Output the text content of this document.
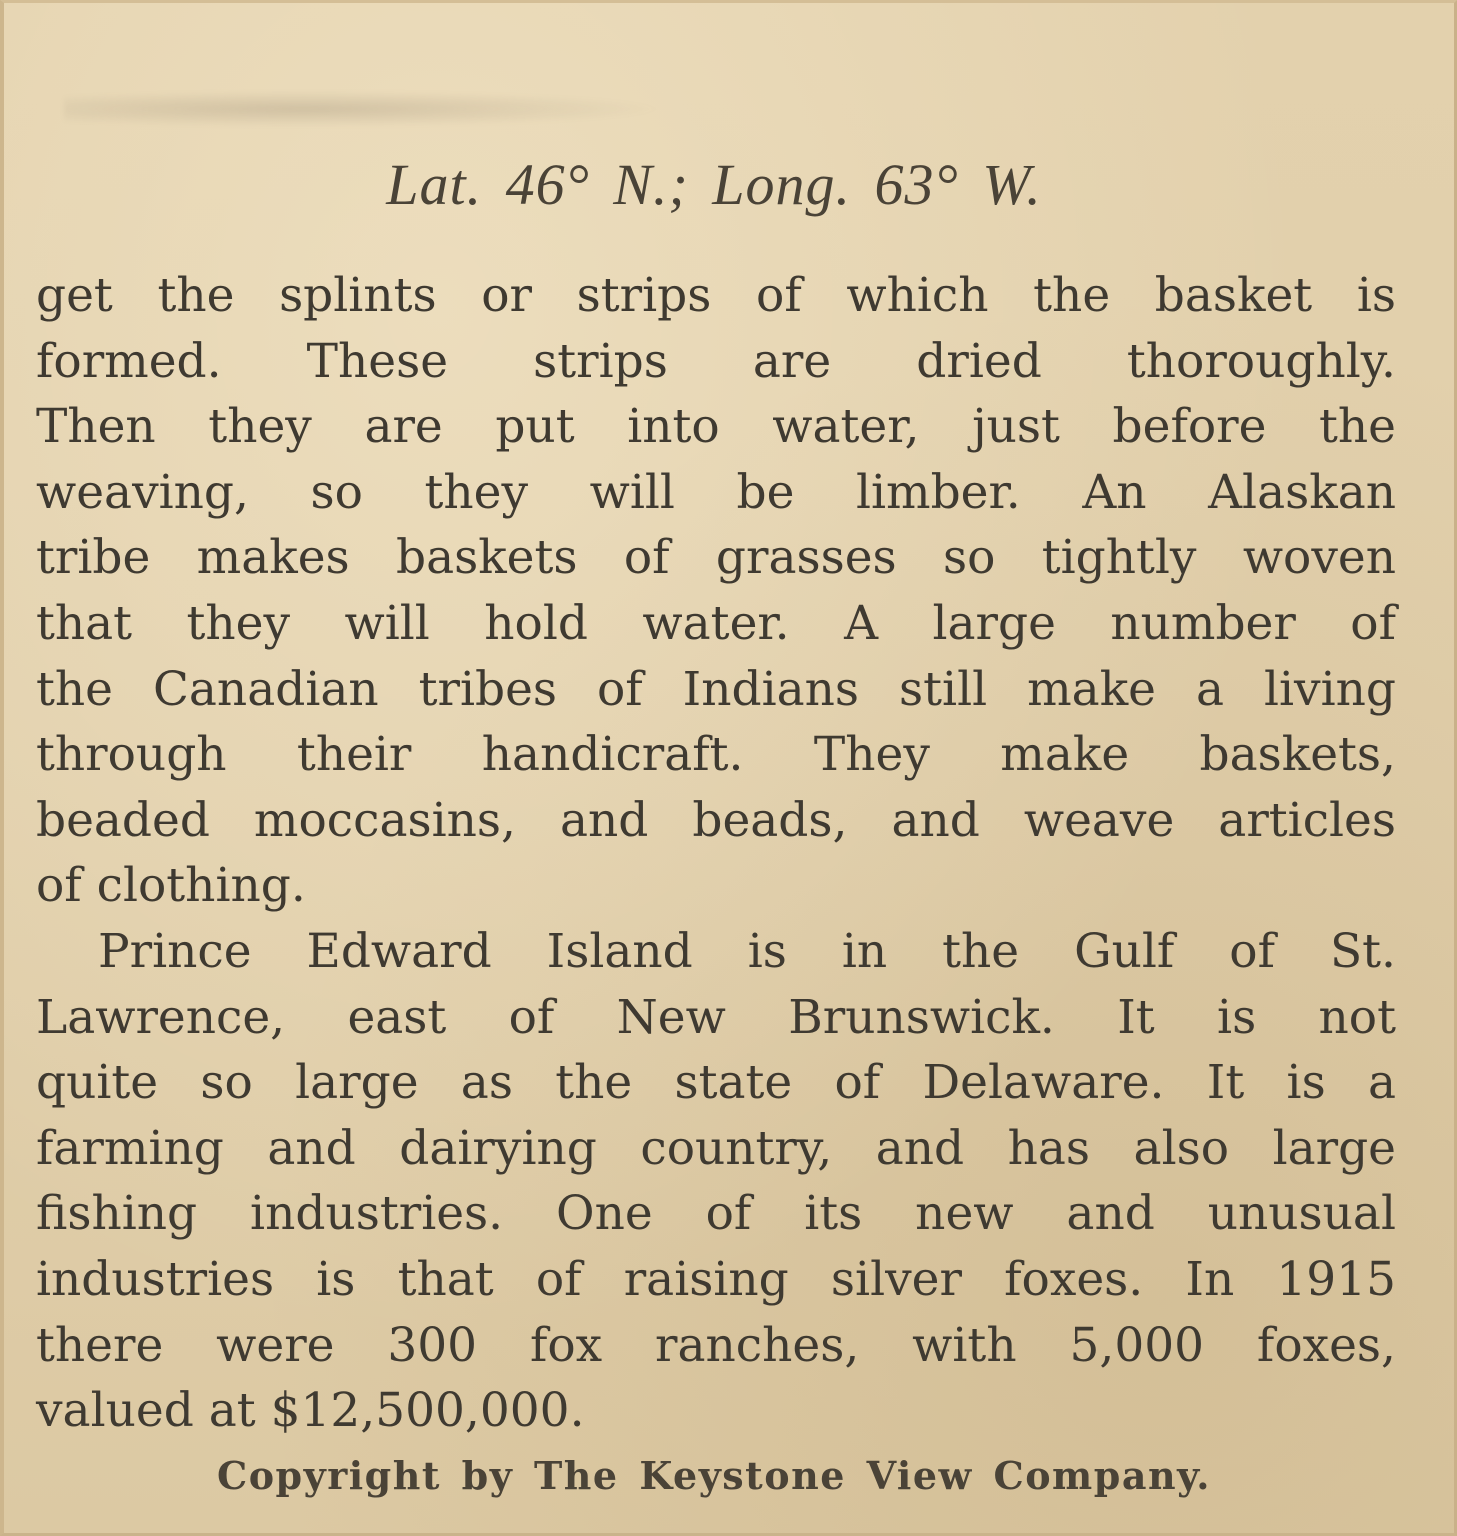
Lat. 46° N.; Long. 63° W.
get the splints or strips of which the basket is
formed. These strips are dried thoroughly.
Then they are put into water, just before the
weaving, so they will be limber. An Alaskan
tribe makes baskets of grasses so tightly woven
that they will hold water. A large number of
the Canadian tribes of Indians still make a living
through their handicraft. They make baskets,
beaded moccasins, and beads, and weave articles
of clothing.
Prince Edward Island is in the Gulf of St.
Lawrence, east of New Brunswick. It is not
quite so large as the state of Delaware. It is a
farming and dairying country, and has also large
fishing industries. One of its new and unusual
industries is that of raising silver foxes. In 1915
there were 300 fox ranches, with 5,000 foxes,
valued at $12,500,000.
Copyright by The Keystone View Company.
